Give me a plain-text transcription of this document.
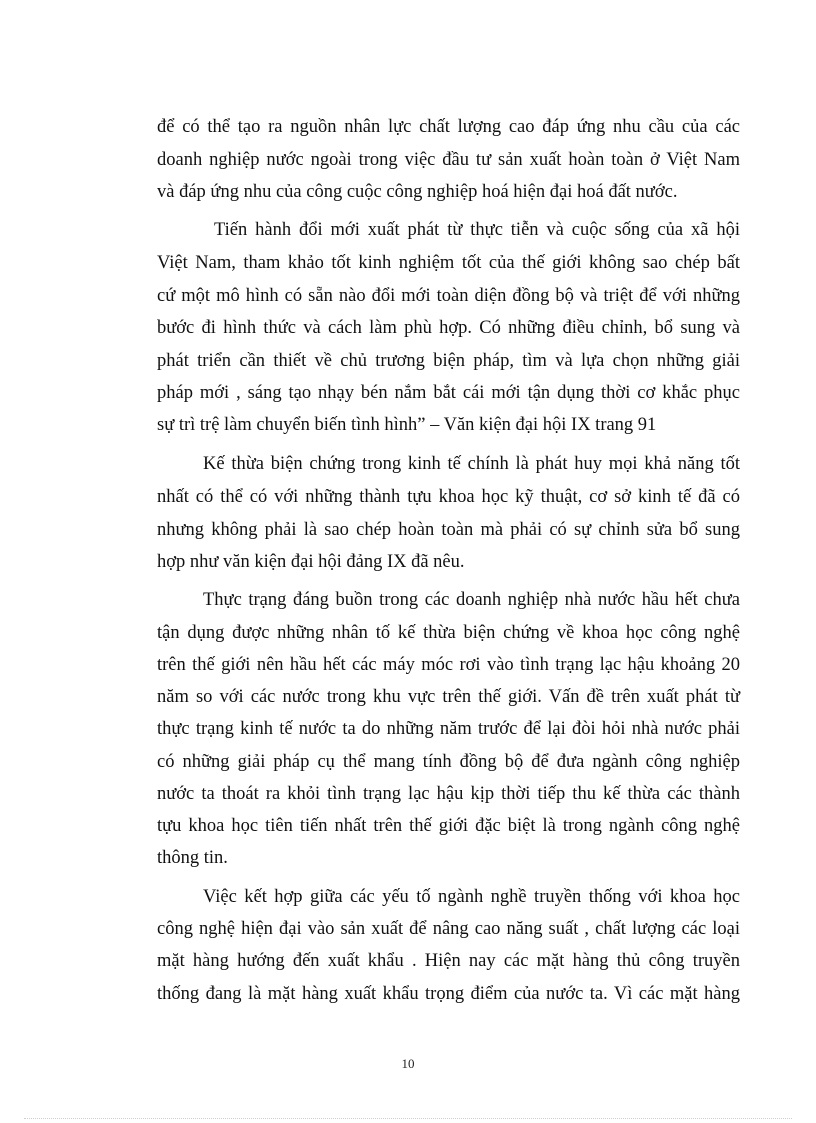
để có thể tạo ra nguồn nhân lực chất lượng cao đáp ứng nhu cầu của các
doanh nghiệp nước ngoài trong việc đầu tư sản xuất hoàn toàn ở Việt Nam
và đáp ứng nhu của công cuộc công nghiệp hoá hiện đại hoá đất nước.
Tiến hành đổi mới xuất phát từ thực tiễn và cuộc sống của xã hội
Việt Nam, tham khảo tốt kinh nghiệm tốt của thế giới không sao chép bất
cứ một mô hình có sẵn nào đổi mới toàn diện đồng bộ và triệt để với những
bước đi hình thức và cách làm phù hợp. Có những điều chỉnh, bổ sung và
phát triển cần thiết về chủ trương biện pháp, tìm và lựa chọn những giải
pháp mới , sáng tạo nhạy bén nắm bắt cái mới tận dụng thời cơ khắc phục
sự trì trệ làm chuyển biến tình hình” – Văn kiện đại hội IX trang 91
Kế thừa biện chứng trong kinh tế chính là phát huy mọi khả năng tốt
nhất có thể có với những thành tựu khoa học kỹ thuật, cơ sở kinh tế đã có
nhưng không phải là sao chép hoàn toàn mà phải có sự chỉnh sửa bổ sung
hợp như văn kiện đại hội đảng IX đã nêu.
Thực trạng đáng buồn trong các doanh nghiệp nhà nước hầu hết chưa
tận dụng được những nhân tố kế thừa biện chứng về khoa học công nghệ
trên thế giới nên hầu hết các máy móc rơi vào tình trạng lạc hậu khoảng 20
năm so với các nước trong khu vực trên thế giới. Vấn đề trên xuất phát từ
thực trạng kinh tế nước ta do những năm trước để lại đòi hỏi nhà nước phải
có những giải pháp cụ thể mang tính đồng bộ để đưa ngành công nghiệp
nước ta thoát ra khỏi tình trạng lạc hậu kịp thời tiếp thu kế thừa các thành
tựu khoa học tiên tiến nhất trên thế giới đặc biệt là trong ngành công nghệ
thông tin.
Việc kết hợp giữa các yếu tố ngành nghề truyền thống với khoa học
công nghệ hiện đại vào sản xuất để nâng cao năng suất , chất lượng các loại
mặt hàng hướng đến xuất khẩu . Hiện nay các mặt hàng thủ công truyền
thống đang là mặt hàng xuất khẩu trọng điểm của nước ta. Vì các mặt hàng
10
